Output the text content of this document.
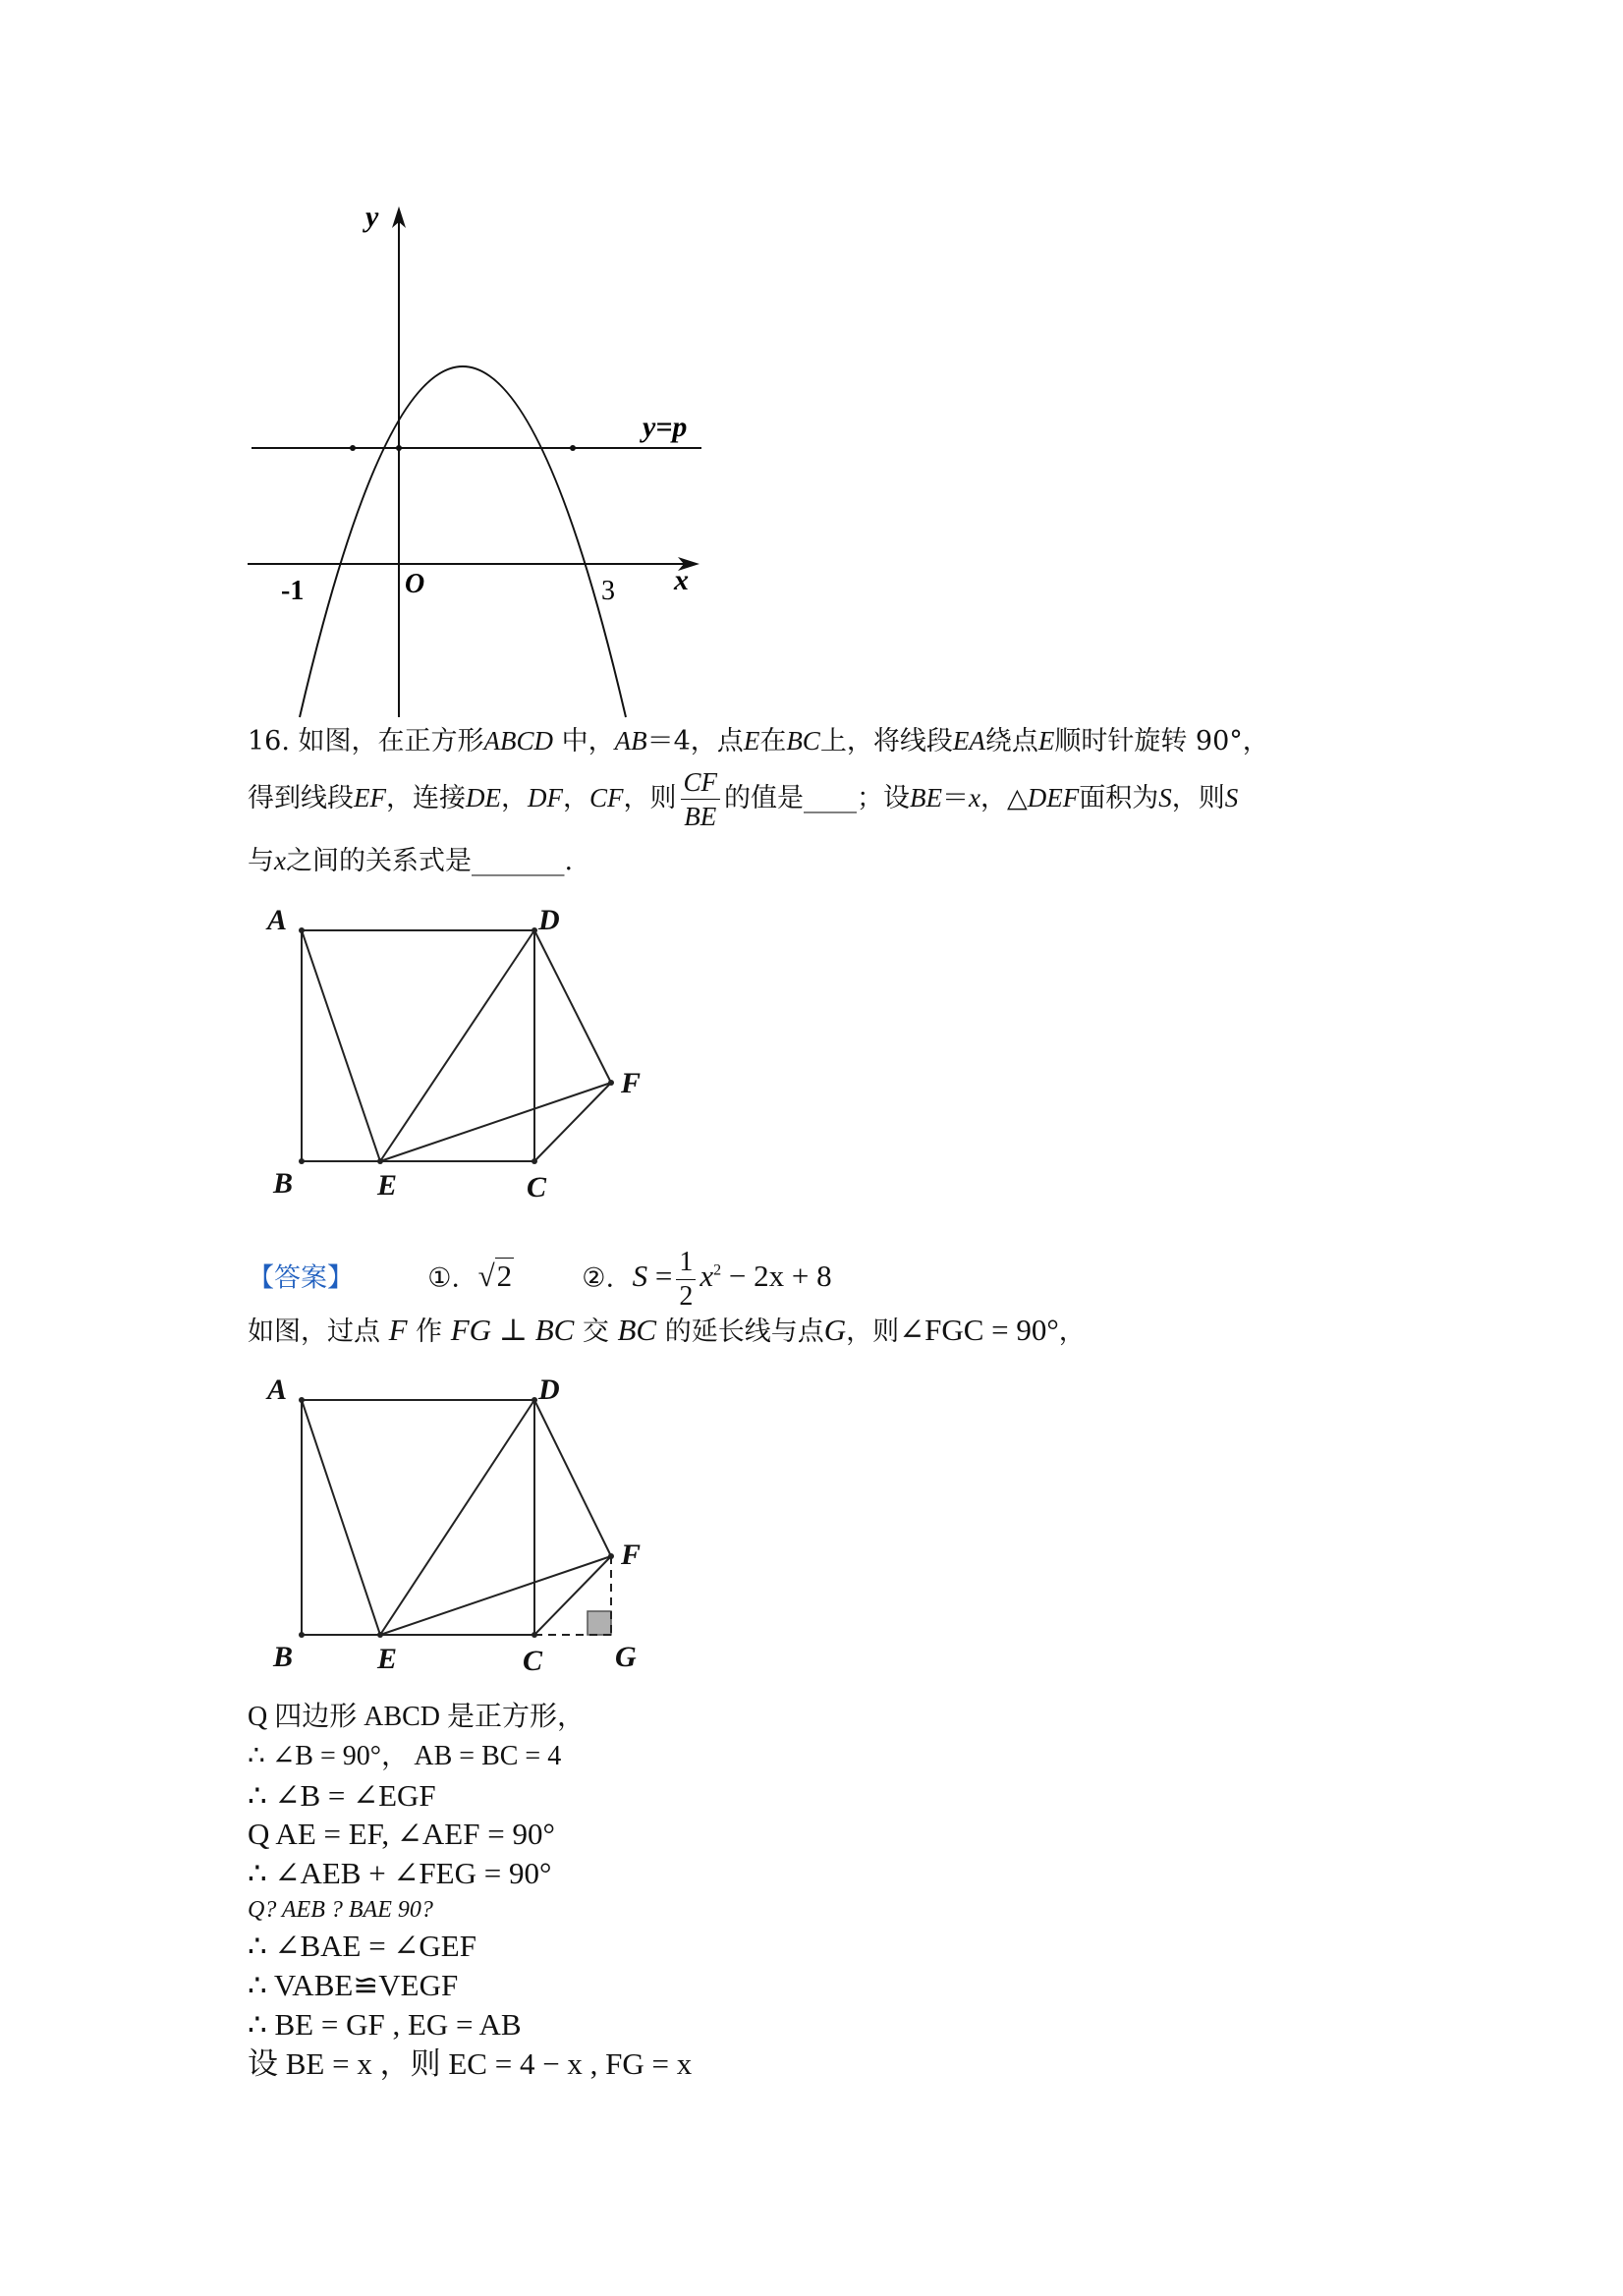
y
x
O
y=p
-1	3
16. 如图，在正方形ABCD 中，AB＝4，点E在BC上，将线段EA绕点E顺时针旋转 90°，
得到线段EF，连接DE，DF，CF，则 $\frac{CF}{BE}$ 的值是____；设BE＝x，△DEF面积为S，则S
与x之间的关系式是_______.
A	D
B	E	C
F
【答案】	①. √2	②. $S = \frac{1}{2} x^2 - 2x + 8$
如图，过点 F 作 FG ⊥ BC 交 BC 的延长线与点G，则∠FGC = 90°，
A	D
B	E	C
F
G
Q 四边形 ABCD 是正方形，
∴ ∠B = 90°， AB = BC = 4
∴ ∠B = ∠EGF
Q AE = EF, ∠AEF = 90°
∴ ∠AEB + ∠FEG = 90°
Q? AEB ? BAE 90?
∴ ∠BAE = ∠GEF
∴ VABE≌VEGF
∴ BE = GF , EG = AB
设 BE = x ，则 EC = 4 − x , FG = x
